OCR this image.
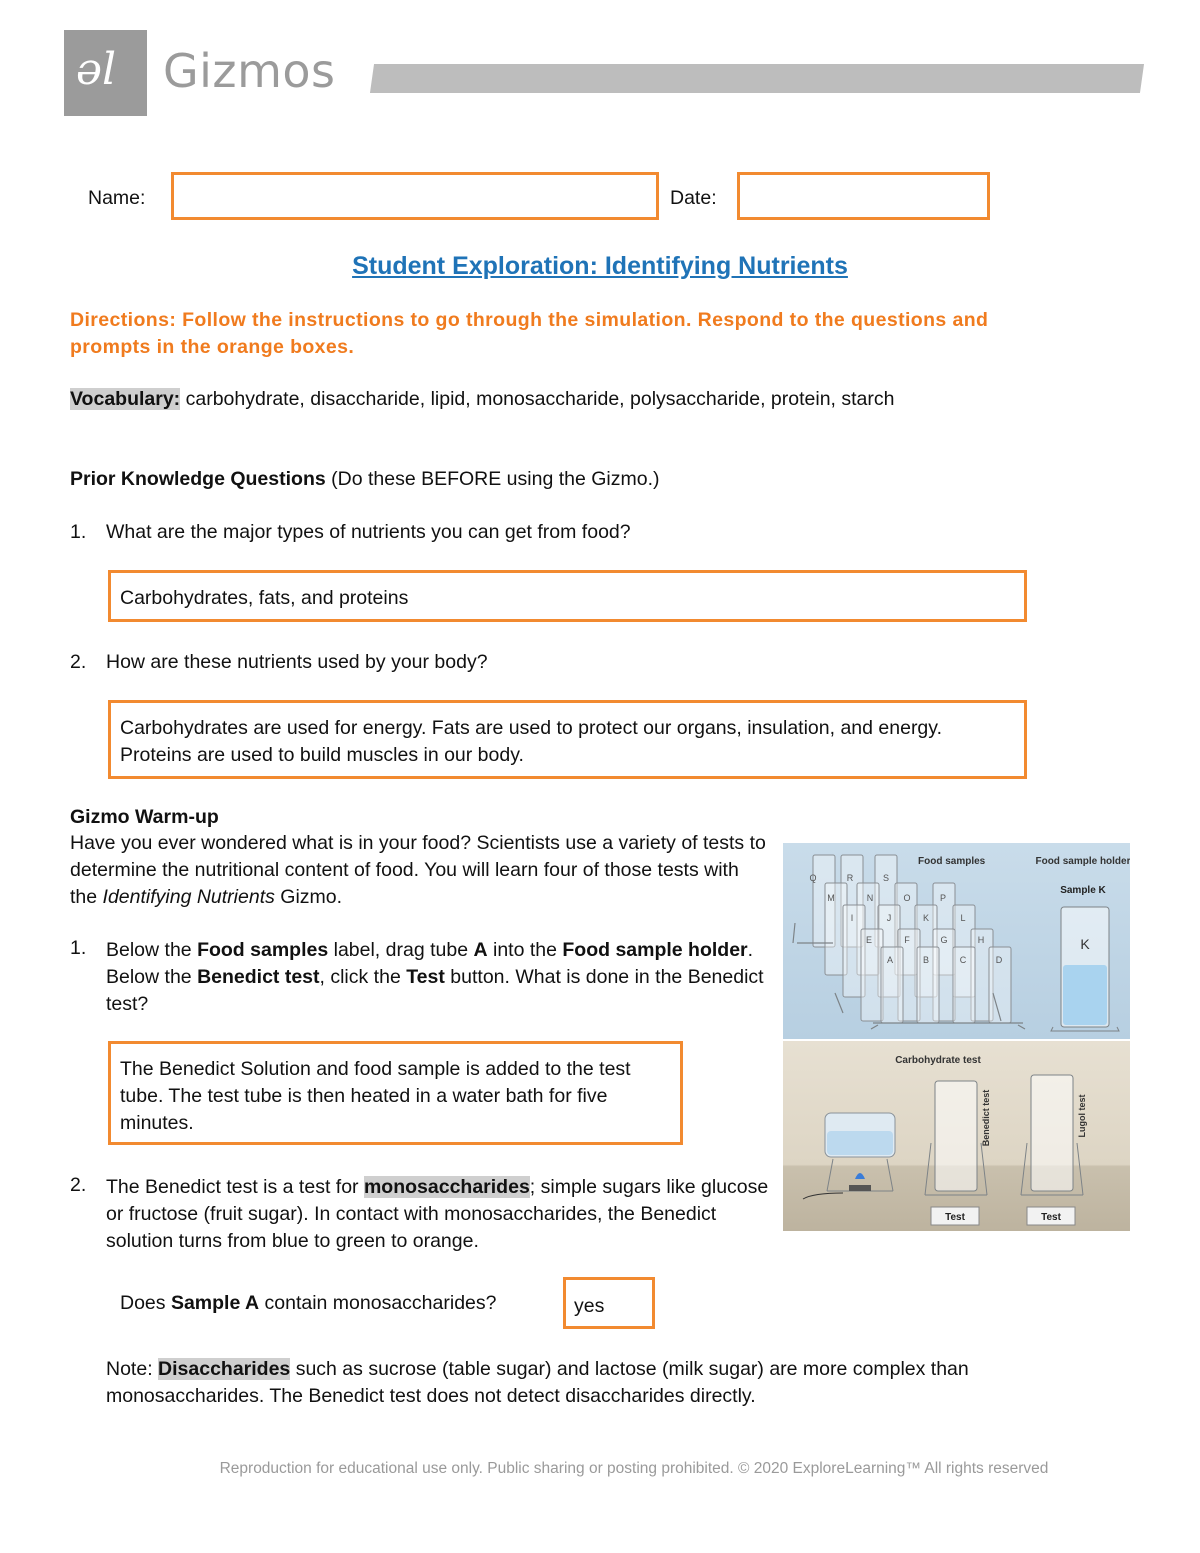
ǝl Gizmos
Name:	Date:
Student Exploration: Identifying Nutrients
Directions: Follow the instructions to go through the simulation. Respond to the questions and prompts in the orange boxes.
Vocabulary: carbohydrate, disaccharide, lipid, monosaccharide, polysaccharide, protein, starch
Prior Knowledge Questions (Do these BEFORE using the Gizmo.)
1. What are the major types of nutrients you can get from food?
Carbohydrates, fats, and proteins
2. How are these nutrients used by your body?
Carbohydrates are used for energy. Fats are used to protect our organs, insulation, and energy. Proteins are used to build muscles in our body.
Gizmo Warm-up
Have you ever wondered what is in your food? Scientists use a variety of tests to determine the nutritional content of food. You will learn four of those tests with the Identifying Nutrients Gizmo.
1. Below the Food samples label, drag tube A into the Food sample holder. Below the Benedict test, click the Test button. What is done in the Benedict test?
The Benedict Solution and food sample is added to the test tube. The test tube is then heated in a water bath for five minutes.
2. The Benedict test is a test for monosaccharides; simple sugars like glucose or fructose (fruit sugar). In contact with monosaccharides, the Benedict solution turns from blue to green to orange.
Does Sample A contain monosaccharides?	yes
Note: Disaccharides such as sucrose (table sugar) and lactose (milk sugar) are more complex than monosaccharides. The Benedict test does not detect disaccharides directly.
Food samples	Food sample holder
Sample K
Q	R	S
M	N	O	P
I	J	K	L
E	F	G	H
A	B	C	D
K
Carbohydrate test
Benedict test	Lugol test
Test	Test
Reproduction for educational use only. Public sharing or posting prohibited. © 2020 ExploreLearning™ All rights reserved
